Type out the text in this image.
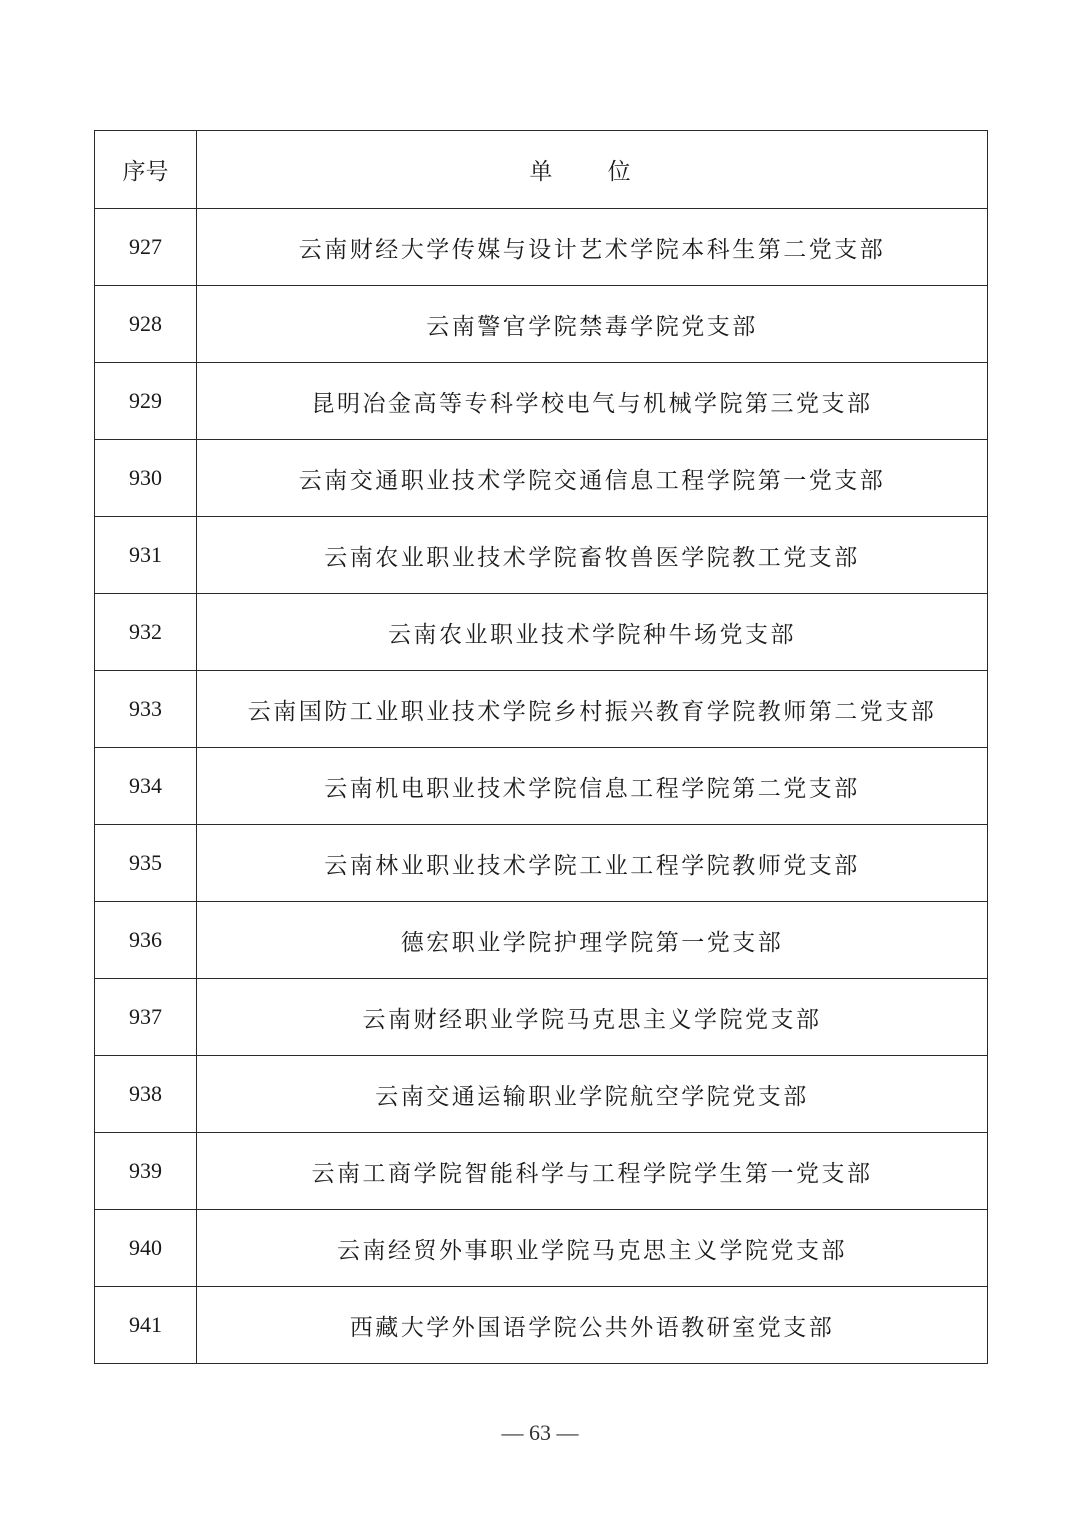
序号	单 位
927	云南财经大学传媒与设计艺术学院本科生第二党支部
928	云南警官学院禁毒学院党支部
929	昆明冶金高等专科学校电气与机械学院第三党支部
930	云南交通职业技术学院交通信息工程学院第一党支部
931	云南农业职业技术学院畜牧兽医学院教工党支部
932	云南农业职业技术学院种牛场党支部
933	云南国防工业职业技术学院乡村振兴教育学院教师第二党支部
934	云南机电职业技术学院信息工程学院第二党支部
935	云南林业职业技术学院工业工程学院教师党支部
936	德宏职业学院护理学院第一党支部
937	云南财经职业学院马克思主义学院党支部
938	云南交通运输职业学院航空学院党支部
939	云南工商学院智能科学与工程学院学生第一党支部
940	云南经贸外事职业学院马克思主义学院党支部
941	西藏大学外国语学院公共外语教研室党支部
— 63 —
